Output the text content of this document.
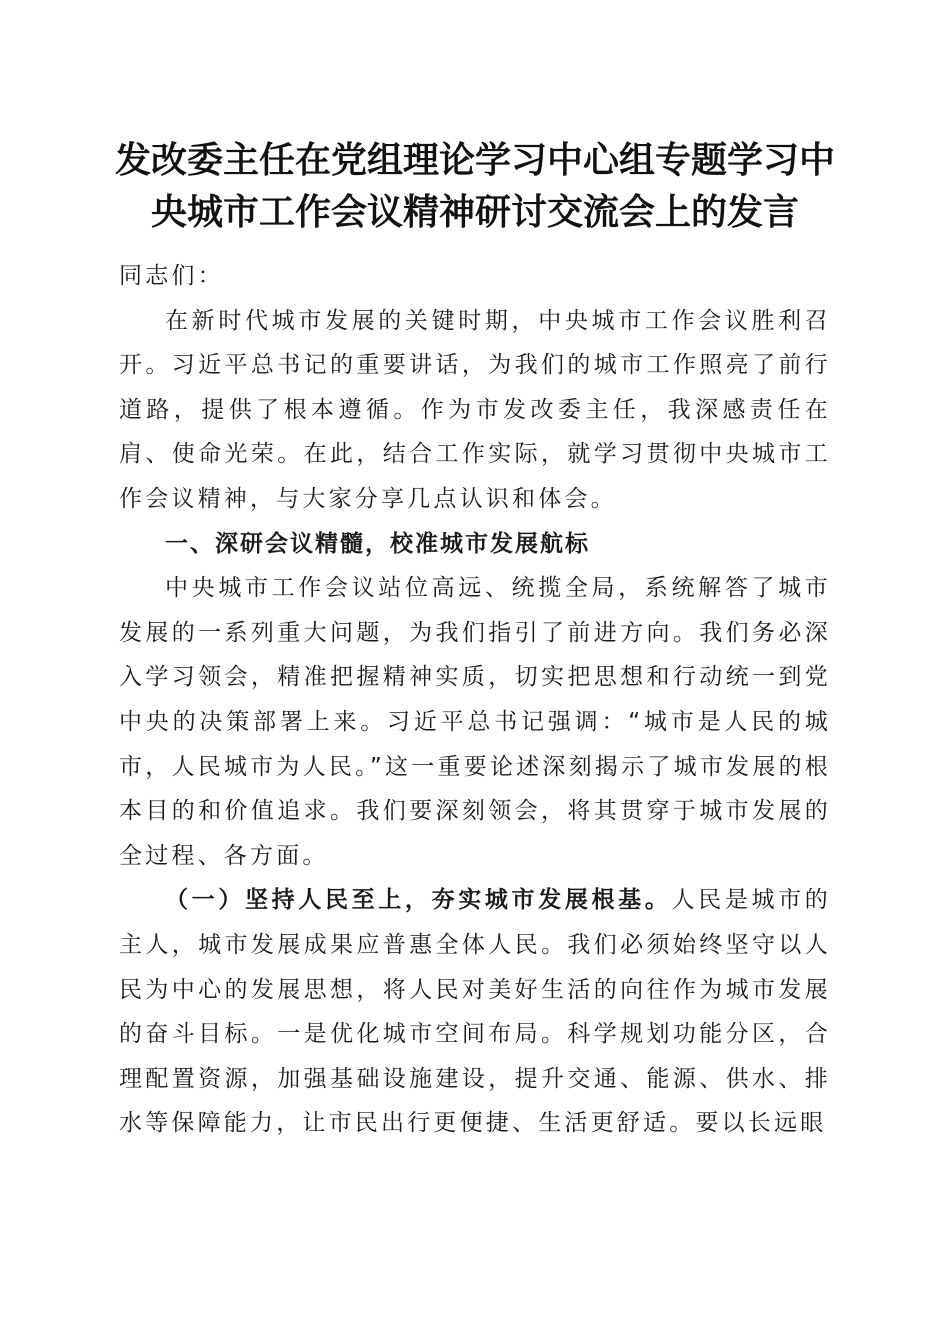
发改委主任在党组理论学习中心组专题学习中
央城市工作会议精神研讨交流会上的发言

同志们：

在新时代城市发展的关键时期，中央城市工作会议胜利召开。习近平总书记的重要讲话，为我们的城市工作照亮了前行道路，提供了根本遵循。作为市发改委主任，我深感责任在肩、使命光荣。在此，结合工作实际，就学习贯彻中央城市工作会议精神，与大家分享几点认识和体会。

一、深研会议精髓，校准城市发展航标

中央城市工作会议站位高远、统揽全局，系统解答了城市发展的一系列重大问题，为我们指引了前进方向。我们务必深入学习领会，精准把握精神实质，切实把思想和行动统一到党中央的决策部署上来。习近平总书记强调：“城市是人民的城市，人民城市为人民。”这一重要论述深刻揭示了城市发展的根本目的和价值追求。我们要深刻领会，将其贯穿于城市发展的全过程、各方面。

（一）坚持人民至上，夯实城市发展根基。人民是城市的主人，城市发展成果应普惠全体人民。我们必须始终坚守以人民为中心的发展思想，将人民对美好生活的向往作为城市发展的奋斗目标。一是优化城市空间布局。科学规划功能分区，合理配置资源，加强基础设施建设，提升交通、能源、供水、排水等保障能力，让市民出行更便捷、生活更舒适。要以长远眼
